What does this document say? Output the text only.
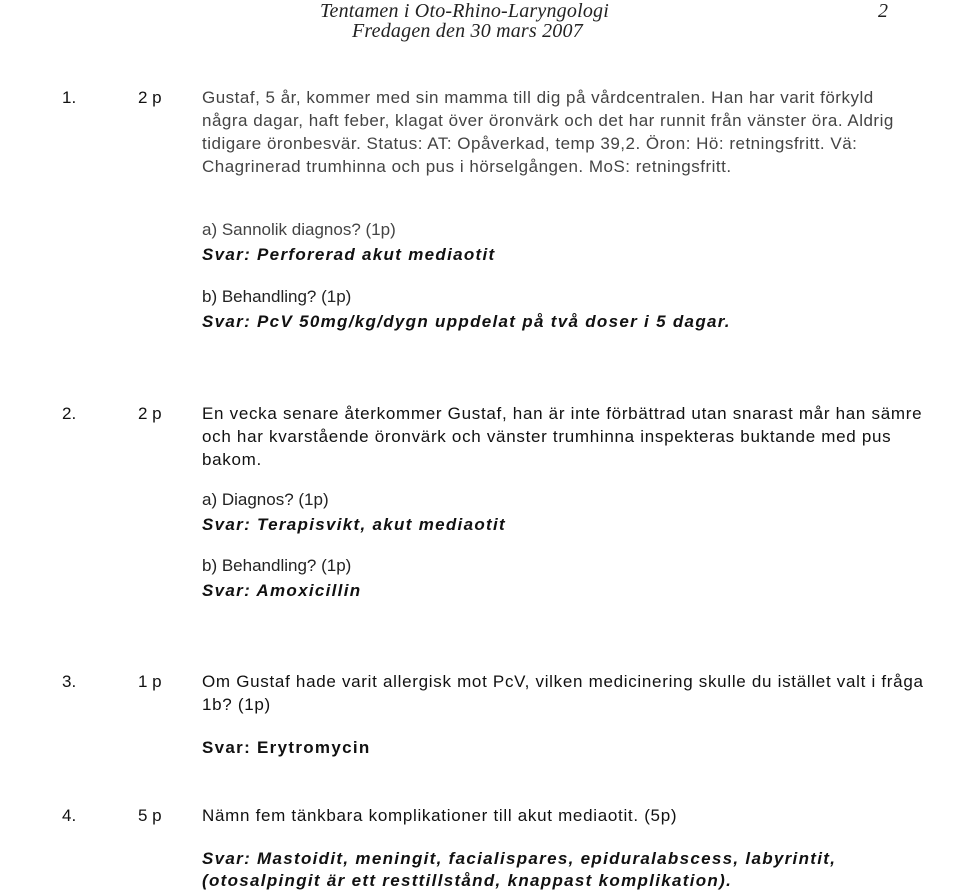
Tentamen i Oto-Rhino-Laryngologi	2
Fredagen den 30 mars 2007
1.	2 p Gustaf, 5 år, kommer med sin mamma till dig på vårdcentralen. Han har varit förkyld några dagar, haft feber, klagat över öronvärk och det har runnit från vänster öra. Aldrig tidigare öronbesvär. Status: AT: Opåverkad, temp 39,2. Öron: Hö: retningsfritt. Vä: Chagrinerad trumhinna och pus i hörselgången. MoS: retningsfritt.
a) Sannolik diagnos? (1p)
Svar: Perforerad akut mediaotit
b) Behandling? (1p)
Svar: PcV 50mg/kg/dygn uppdelat på två doser i 5 dagar.
2.	2 p En vecka senare återkommer Gustaf, han är inte förbättrad utan snarast mår han sämre och har kvarstående öronvärk och vänster trumhinna inspekteras buktande med pus bakom.
a) Diagnos? (1p)
Svar: Terapisvikt, akut mediaotit
b) Behandling? (1p)
Svar: Amoxicillin
3.	1 p Om Gustaf hade varit allergisk mot PcV, vilken medicinering skulle du istället valt i fråga 1b? (1p)
Svar: Erytromycin
4.	5 p Nämn fem tänkbara komplikationer till akut mediaotit. (5p)
Svar: Mastoidit, meningit, facialispares, epiduralabscess, labyrintit, (otosalpingit är ett resttillstånd, knappast komplikation).
